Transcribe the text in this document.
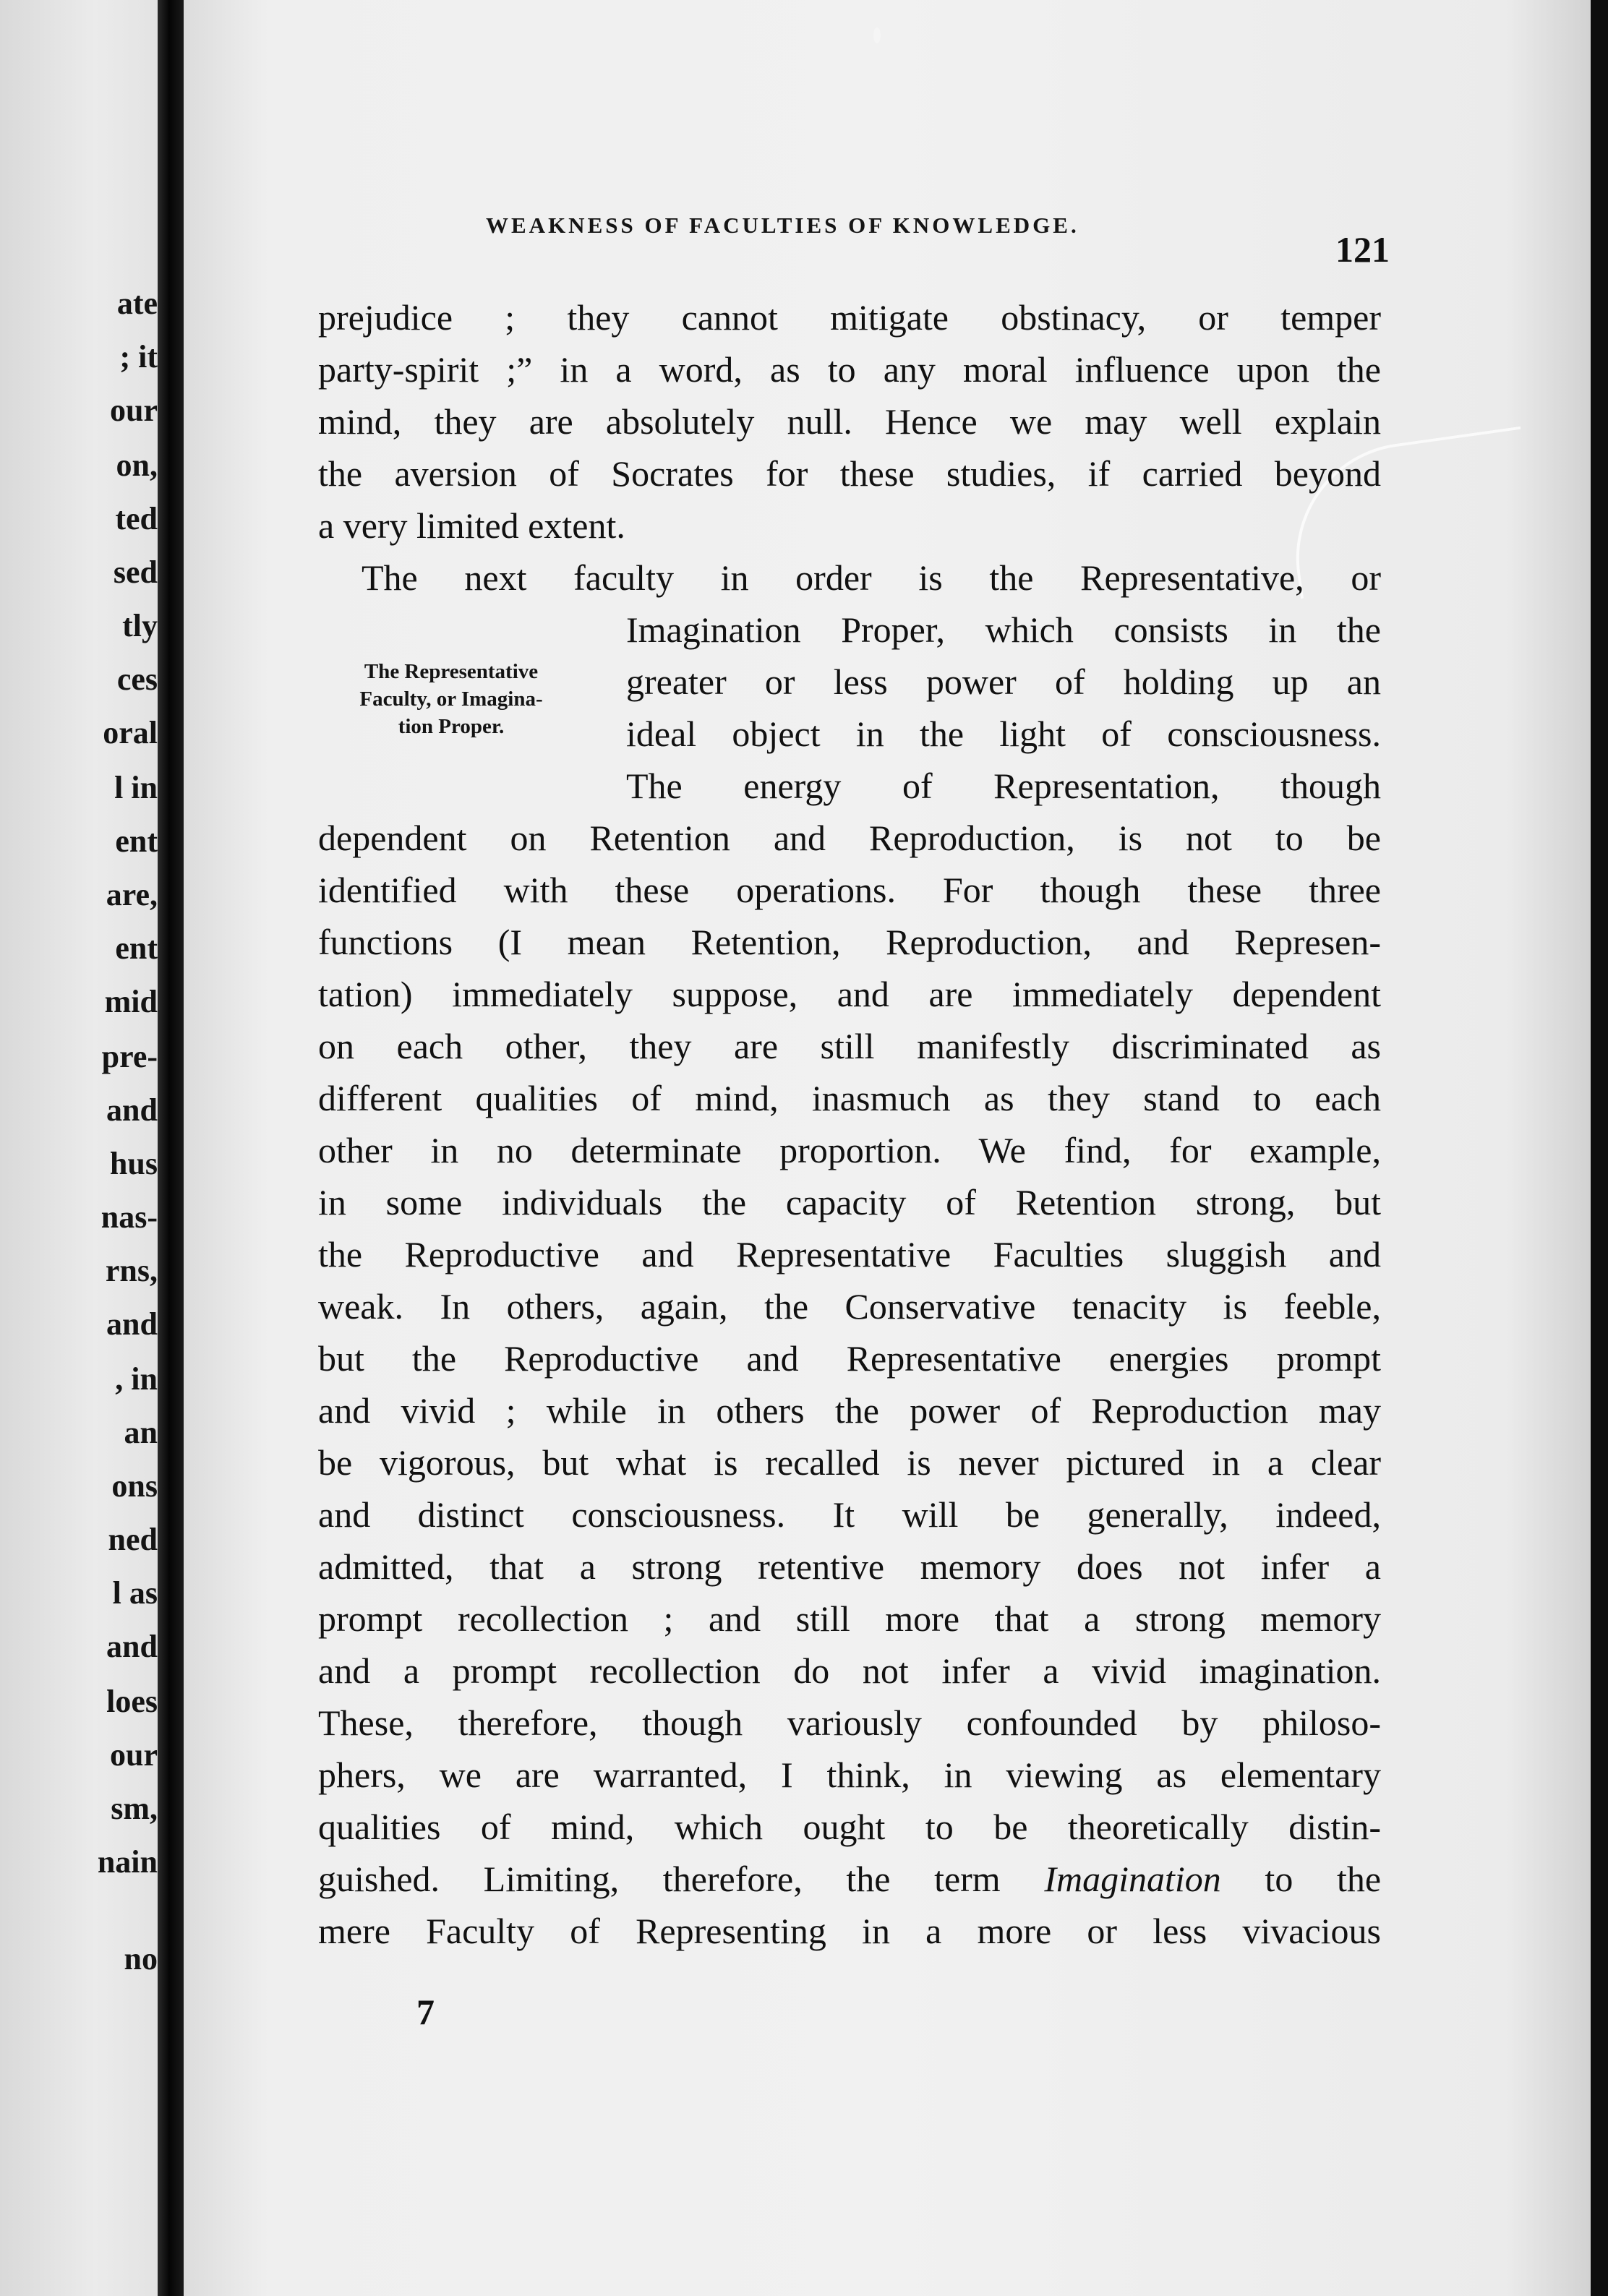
ate
; it
our
on,
ted
sed
tly
ces
oral
l in
ent
are,
ent
mid
pre-
and
hus
nas-
rns,
and
, in
an
ons
ned
l as
and
loes
our
sm,
nain
no
WEAKNESS OF FACULTIES OF KNOWLEDGE.
121
prejudice ; they cannot mitigate obstinacy, or temper
party-spirit ;” in a word, as to any moral influence upon the
mind, they are absolutely null. Hence we may well explain
the aversion of Socrates for these studies, if carried beyond
a very limited extent.
The next faculty in order is the Representative, or
Imagination Proper, which consists in the
greater or less power of holding up an
ideal object in the light of consciousness.
The energy of Representation, though
The Representative
Faculty, or Imagina-
tion Proper.
dependent on Retention and Reproduction, is not to be
identified with these operations. For though these three
functions (I mean Retention, Reproduction, and Represen-
tation) immediately suppose, and are immediately dependent
on each other, they are still manifestly discriminated as
different qualities of mind, inasmuch as they stand to each
other in no determinate proportion. We find, for example,
in some individuals the capacity of Retention strong, but
the Reproductive and Representative Faculties sluggish and
weak. In others, again, the Conservative tenacity is feeble,
but the Reproductive and Representative energies prompt
and vivid ; while in others the power of Reproduction may
be vigorous, but what is recalled is never pictured in a clear
and distinct consciousness. It will be generally, indeed,
admitted, that a strong retentive memory does not infer a
prompt recollection ; and still more that a strong memory
and a prompt recollection do not infer a vivid imagination.
These, therefore, though variously confounded by philoso-
phers, we are warranted, I think, in viewing as elementary
qualities of mind, which ought to be theoretically distin-
guished. Limiting, therefore, the term Imagination to the
mere Faculty of Representing in a more or less vivacious
7
